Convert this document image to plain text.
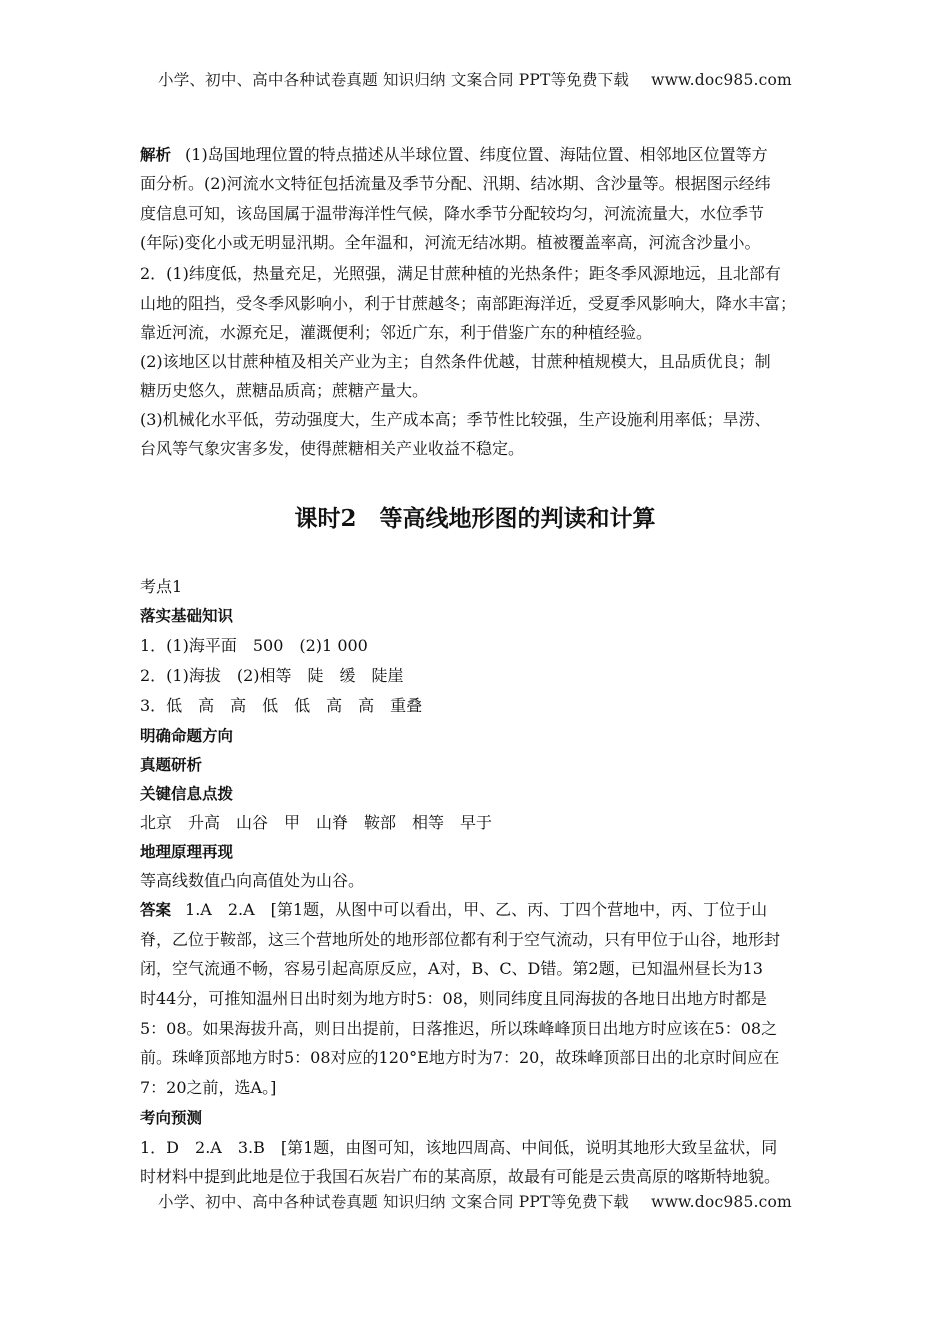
小学、初中、高中各种试卷真题 知识归纳 文案合同 PPT等免费下载 www.doc985.com
解析 (1)岛国地理位置的特点描述从半球位置、纬度位置、海陆位置、相邻地区位置等方
面分析。(2)河流水文特征包括流量及季节分配、汛期、结冰期、含沙量等。根据图示经纬
度信息可知，该岛国属于温带海洋性气候，降水季节分配较均匀，河流流量大，水位季节
(年际)变化小或无明显汛期。全年温和，河流无结冰期。植被覆盖率高，河流含沙量小。
2．(1)纬度低，热量充足，光照强，满足甘蔗种植的光热条件；距冬季风源地远，且北部有
山地的阻挡，受冬季风影响小，利于甘蔗越冬；南部距海洋近，受夏季风影响大，降水丰富；
靠近河流，水源充足，灌溉便利；邻近广东，利于借鉴广东的种植经验。
(2)该地区以甘蔗种植及相关产业为主；自然条件优越，甘蔗种植规模大，且品质优良；制
糖历史悠久，蔗糖品质高；蔗糖产量大。
(3)机械化水平低，劳动强度大，生产成本高；季节性比较强，生产设施利用率低；旱涝、
台风等气象灾害多发，使得蔗糖相关产业收益不稳定。
课时2　等高线地形图的判读和计算
考点1
落实基础知识
1．(1)海平面　500　(2)1 000
2．(1)海拔　(2)相等　陡　缓　陡崖
3．低　高　高　低　低　高　高　重叠
明确命题方向
真题研析
关键信息点拨
北京　升高　山谷　甲　山脊　鞍部　相等　早于
地理原理再现
等高线数值凸向高值处为山谷。
答案 1.A　2.A　[第1题，从图中可以看出，甲、乙、丙、丁四个营地中，丙、丁位于山
脊，乙位于鞍部，这三个营地所处的地形部位都有利于空气流动，只有甲位于山谷，地形封
闭，空气流通不畅，容易引起高原反应，A对，B、C、D错。第2题，已知温州昼长为13
时44分，可推知温州日出时刻为地方时5：08，则同纬度且同海拔的各地日出地方时都是
5：08。如果海拔升高，则日出提前，日落推迟，所以珠峰峰顶日出地方时应该在5：08之
前。珠峰顶部地方时5：08对应的120°E地方时为7：20，故珠峰顶部日出的北京时间应在
7：20之前，选A。]
考向预测
1．D　2.A　3.B　[第1题，由图可知，该地四周高、中间低，说明其地形大致呈盆状，同
时材料中提到此地是位于我国石灰岩广布的某高原，故最有可能是云贵高原的喀斯特地貌。
小学、初中、高中各种试卷真题 知识归纳 文案合同 PPT等免费下载 www.doc985.com
